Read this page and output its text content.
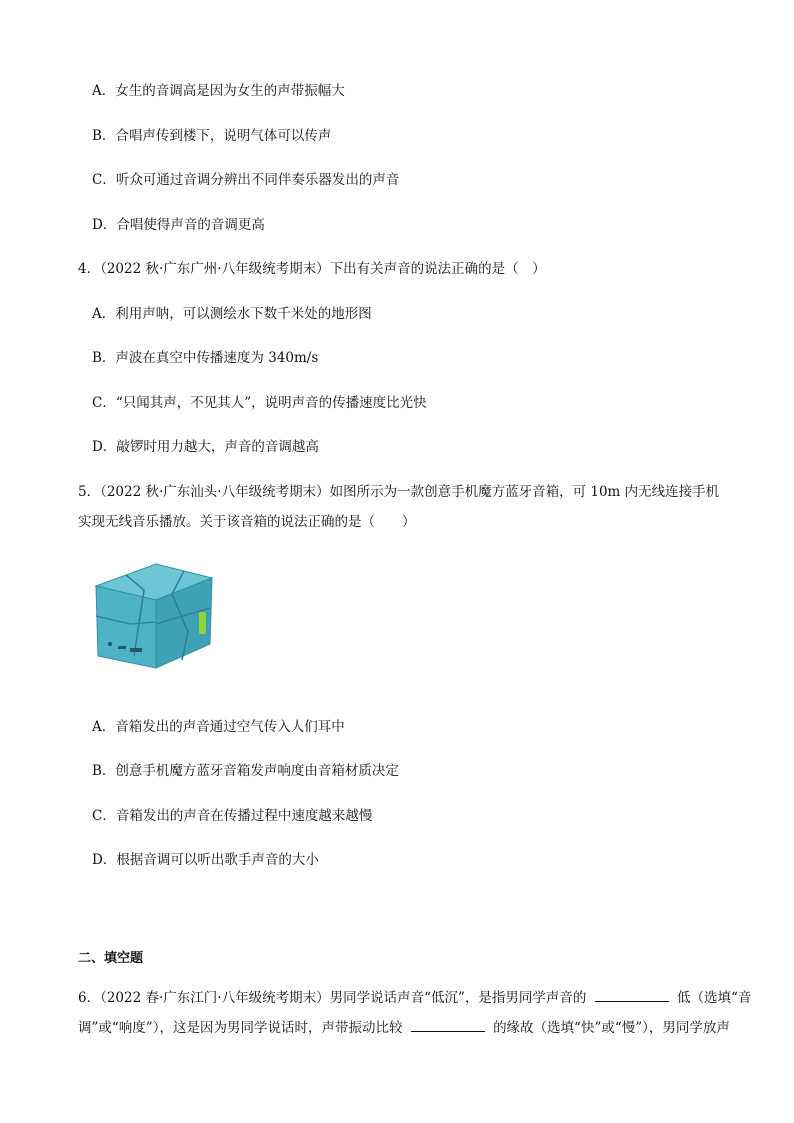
A．女生的音调高是因为女生的声带振幅大
B．合唱声传到楼下，说明气体可以传声
C．听众可通过音调分辨出不同伴奏乐器发出的声音
D．合唱使得声音的音调更高
4．（2022 秋·广东广州·八年级统考期末）下出有关声音的说法正确的是（　）
A．利用声呐，可以测绘水下数千米处的地形图
B．声波在真空中传播速度为 340m/s
C．“只闻其声，不见其人”，说明声音的传播速度比光快
D．敲锣时用力越大，声音的音调越高
5．（2022 秋·广东汕头·八年级统考期末）如图所示为一款创意手机魔方蓝牙音箱，可 10m 内无线连接手机
实现无线音乐播放。关于该音箱的说法正确的是（　　）
A．音箱发出的声音通过空气传入人们耳中
B．创意手机魔方蓝牙音箱发声响度由音箱材质决定
C．音箱发出的声音在传播过程中速度越来越慢
D．根据音调可以听出歌手声音的大小
二、填空题
6．（2022 春·广东江门·八年级统考期末）男同学说话声音“低沉”，是指男同学声音的	低（选填“音
调”或“响度”），这是因为男同学说话时，声带振动比较	的缘故（选填“快”或“慢”），男同学放声
